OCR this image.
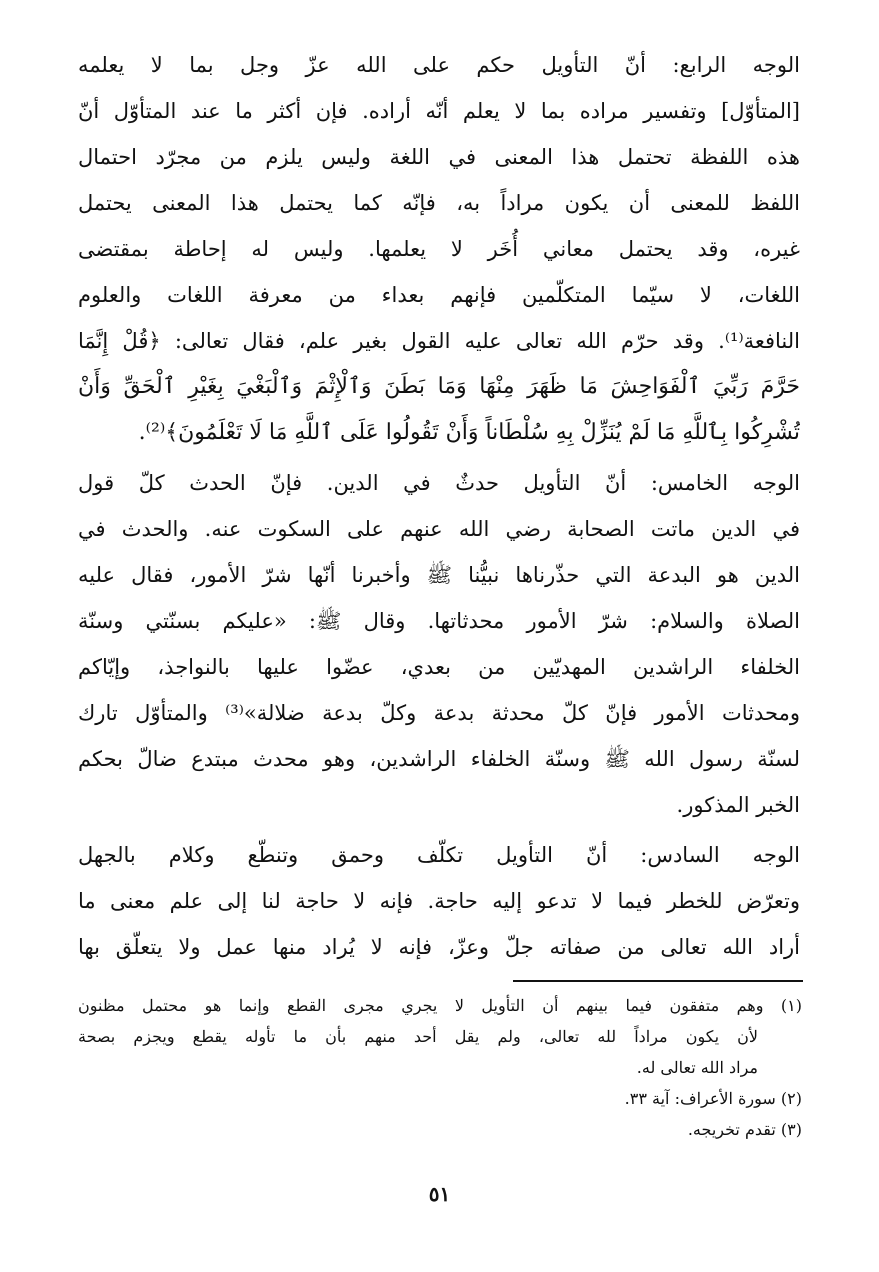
الوجه الرابع: أنّ التأويل حكم على الله عزّ وجل بما لا يعلمه
[المتأوّل] وتفسير مراده بما لا يعلم أنّه أراده. فإن أكثر ما عند المتأوّل أنّ
هذه اللفظة تحتمل هذا المعنى في اللغة وليس يلزم من مجرّد احتمال
اللفظ للمعنى أن يكون مراداً به، فإنّه كما يحتمل هذا المعنى يحتمل
غيره، وقد يحتمل معاني أُخَر لا يعلمها. وليس له إحاطة بمقتضى
اللغات، لا سيّما المتكلّمين فإنهم بعداء من معرفة اللغات والعلوم
النافعة⁽¹⁾. وقد حرّم الله تعالى عليه القول بغير علم، فقال تعالى: ﴿قُلْ إِنَّمَا
حَرَّمَ رَبِّيَ ٱلْفَوَاحِشَ مَا ظَهَرَ مِنْهَا وَمَا بَطَنَ وَٱلْإِثْمَ وَٱلْبَغْيَ بِغَيْرِ ٱلْحَقِّ وَأَنْ
تُشْرِكُوا بِٱللَّهِ مَا لَمْ يُنَزِّلْ بِهِ سُلْطَاناً وَأَنْ تَقُولُوا عَلَى ٱللَّهِ مَا لَا تَعْلَمُونَ﴾⁽²⁾.
الوجه الخامس: أنّ التأويل حدثٌ في الدين. فإنّ الحدث كلّ قول
في الدين ماتت الصحابة رضي الله عنهم على السكوت عنه. والحدث في
الدين هو البدعة التي حذّرناها نبيُّنا ﷺ وأخبرنا أنّها شرّ الأمور، فقال عليه
الصلاة والسلام: شرّ الأمور محدثاتها. وقال ﷺ: «عليكم بسنّتي وسنّة
الخلفاء الراشدين المهديّين من بعدي، عضّوا عليها بالنواجذ، وإيّاكم
ومحدثات الأمور فإنّ كلّ محدثة بدعة وكلّ بدعة ضلالة»⁽³⁾ والمتأوّل تارك
لسنّة رسول الله ﷺ وسنّة الخلفاء الراشدين، وهو محدث مبتدع ضالّ بحكم
الخبر المذكور.
الوجه السادس: أنّ التأويل تكلّف وحمق وتنطّع وكلام بالجهل
وتعرّض للخطر فيما لا تدعو إليه حاجة. فإنه لا حاجة لنا إلى علم معنى ما
أراد الله تعالى من صفاته جلّ وعزّ، فإنه لا يُراد منها عمل ولا يتعلّق بها
(١) وهم متفقون فيما بينهم أن التأويل لا يجري مجرى القطع وإنما هو محتمل مظنون
لأن يكون مراداً لله تعالى، ولم يقل أحد منهم بأن ما تأوله يقطع ويجزم بصحة
مراد الله تعالى له.
(٢) سورة الأعراف: آية ٣٣.
(٣) تقدم تخريجه.
٥١
